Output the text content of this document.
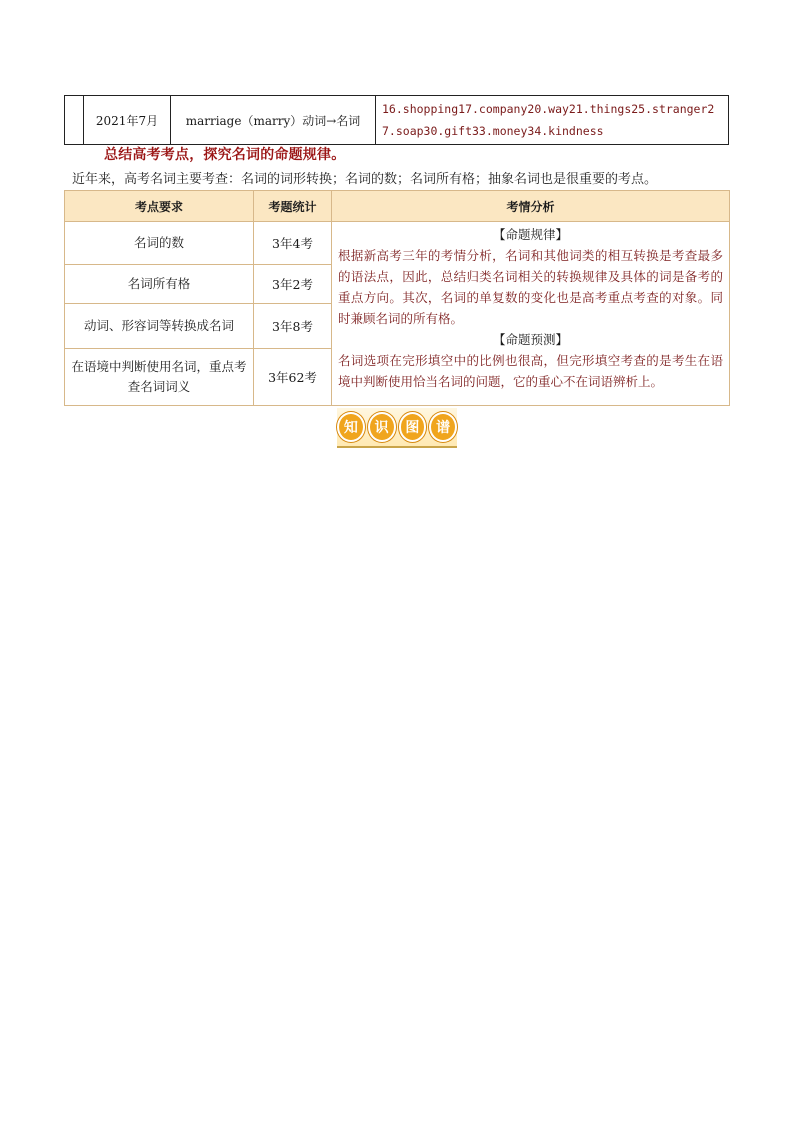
	2021年7月	marriage（marry）动词→名词	16.shopping17.company20.way21.things25.stranger27.soap30.gift33.money34.kindness
总结高考考点，探究名词的命题规律。
近年来，高考名词主要考查：名词的词形转换；名词的数；名词所有格；抽象名词也是很重要的考点。
考点要求	考题统计	考情分析
名词的数	3年4考	【命题规律】
根据新高考三年的考情分析，名词和其他词类的相互转换是考查最多的语法点，因此，总结归类名词相关的转换规律及具体的词是备考的重点方向。其次，名词的单复数的变化也是高考重点考查的对象。同时兼顾名词的所有格。
【命题预测】
名词选项在完形填空中的比例也很高，但完形填空考查的是考生在语境中判断使用恰当名词的问题，它的重心不在词语辨析上。

名词所有格	3年2考	
动词、形容词等转换成名词	3年8考	
在语境中判断使用名词，重点考查名词词义	3年62考	
知	识	图	谱
